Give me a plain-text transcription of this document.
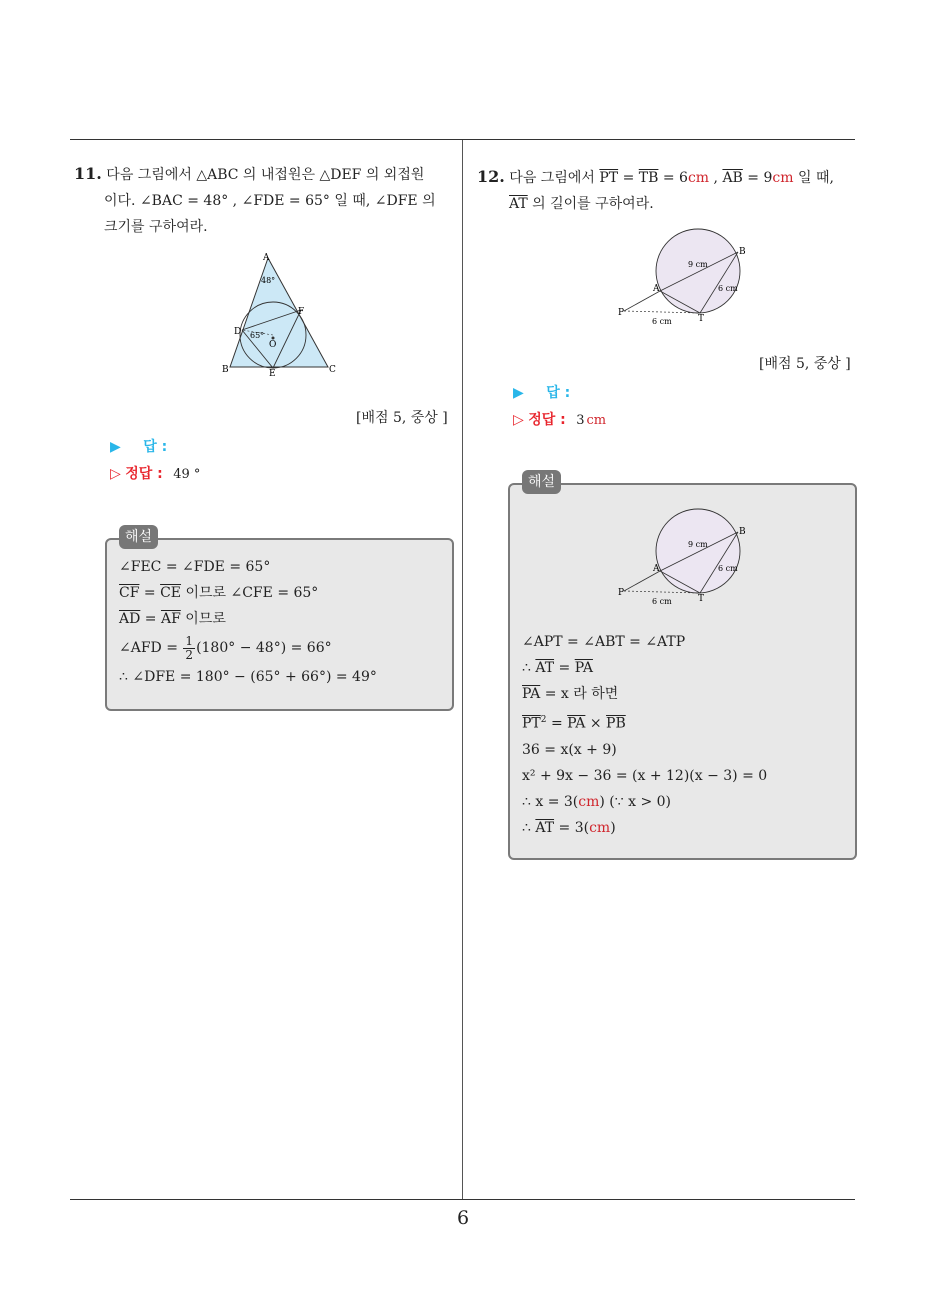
6
11. 다음 그림에서 △ABC 의 내접원은 △DEF 의 외접원
이다. ∠BAC = 48° , ∠FDE = 65° 일 때, ∠DFE 의
크기를 구하여라.
A
B	C
D
E
F
O
48°
65°
[배점 5, 중상 ]
▶ 답 :
▷ 정답 : 49 °
해설
∠FEC = ∠FDE = 65°
$\overline{CF} = \overline{CE}$ 이므로 ∠CFE = 65°
$\overline{AD} = \overline{AF}$ 이므로
∠AFD = $\frac{1}{2} (180^\circ - 48^\circ) = 66^\circ$
∴ ∠DFE = 180° − (65° + 66°) = 49°
12. 다음 그림에서 $\overline{PT} = \overline{TB} = 6cm$ , $\overline{AB} = 9cm$ 일 때,
$\overline{AT}$ 의 길이를 구하여라.
P
A
B
T
9 cm
6 cm
6 cm
[배점 5, 중상 ]
▶ 답 :
▷ 정답 : 3 cm
해설
P
A
B
T
9 cm
6 cm
6 cm
∠APT = ∠ABT = ∠ATP
∴ $\overline{AT} = \overline{PA}$
$\overline{PA} = x$ 라 하면
$\overline{PT}^2 = \overline{PA} \times \overline{PB}$
36 = x(x + 9)
x² + 9x − 36 = (x + 12)(x − 3) = 0
∴ x = 3(cm) (∵ x > 0)
∴ $\overline{AT} = 3(cm)$
